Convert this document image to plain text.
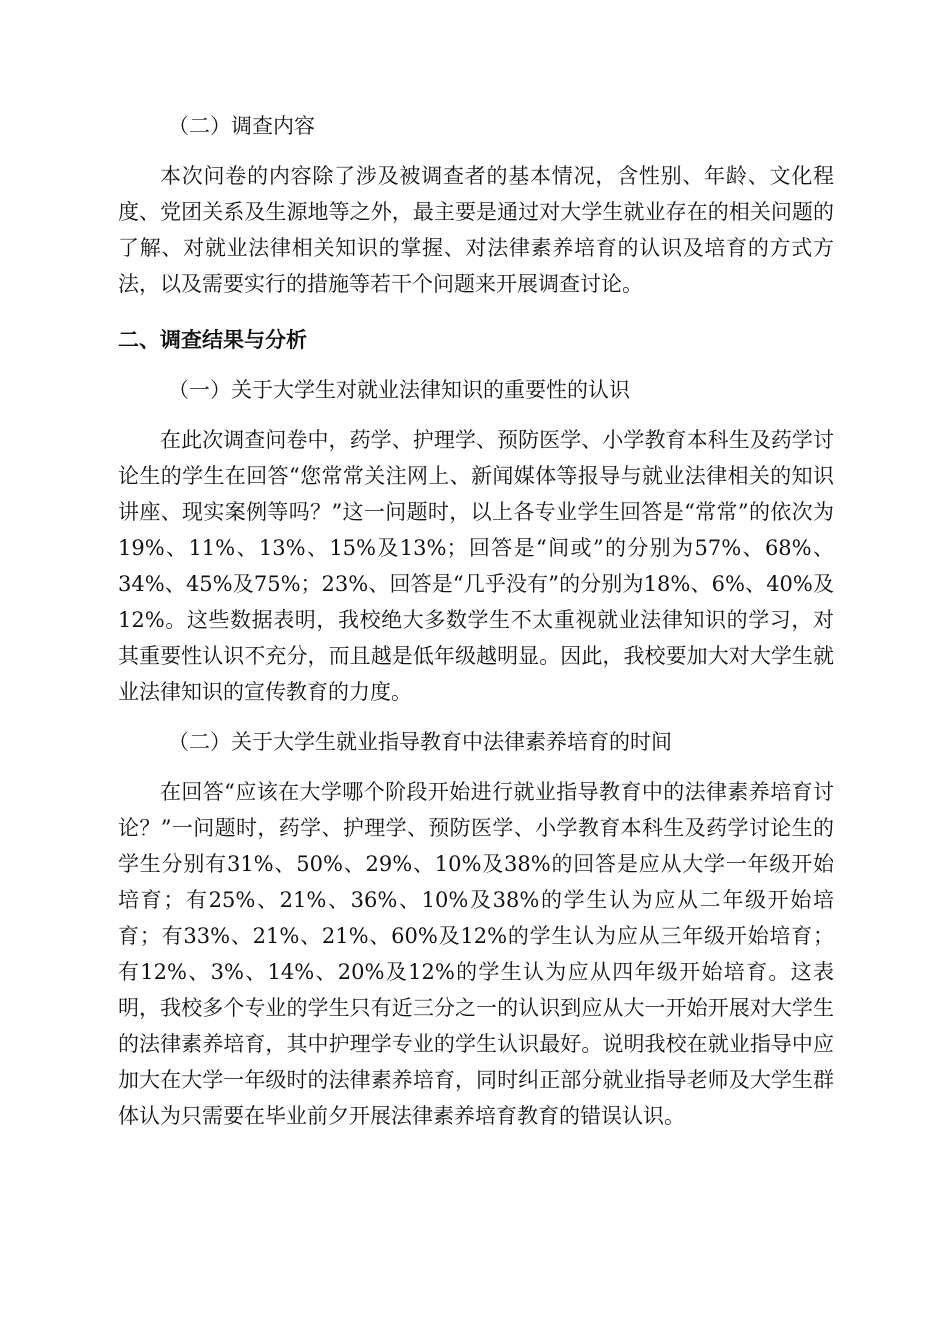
（二）调查内容

本次问卷的内容除了涉及被调查者的基本情况，含性别、年龄、文化程度、党团关系及生源地等之外，最主要是通过对大学生就业存在的相关问题的了解、对就业法律相关知识的掌握、对法律素养培育的认识及培育的方式方法，以及需要实行的措施等若干个问题来开展调查讨论。

二、调查结果与分析

（一）关于大学生对就业法律知识的重要性的认识

在此次调查问卷中，药学、护理学、预防医学、小学教育本科生及药学讨论生的学生在回答“您常常关注网上、新闻媒体等报导与就业法律相关的知识讲座、现实案例等吗？”这一问题时，以上各专业学生回答是“常常”的依次为19%、11%、13%、15%及13%；回答是“间或”的分别为57%、68%、34%、45%及75%；23%、回答是“几乎没有”的分别为18%、6%、40%及12%。这些数据表明，我校绝大多数学生不太重视就业法律知识的学习，对其重要性认识不充分，而且越是低年级越明显。因此，我校要加大对大学生就业法律知识的宣传教育的力度。

（二）关于大学生就业指导教育中法律素养培育的时间

在回答“应该在大学哪个阶段开始进行就业指导教育中的法律素养培育讨论？”一问题时，药学、护理学、预防医学、小学教育本科生及药学讨论生的学生分别有31%、50%、29%、10%及38%的回答是应从大学一年级开始培育；有25%、21%、36%、10%及38%的学生认为应从二年级开始培育；有33%、21%、21%、60%及12%的学生认为应从三年级开始培育；有12%、3%、14%、20%及12%的学生认为应从四年级开始培育。这表明，我校多个专业的学生只有近三分之一的认识到应从大一开始开展对大学生的法律素养培育，其中护理学专业的学生认识最好。说明我校在就业指导中应加大在大学一年级时的法律素养培育，同时纠正部分就业指导老师及大学生群体认为只需要在毕业前夕开展法律素养培育教育的错误认识。
